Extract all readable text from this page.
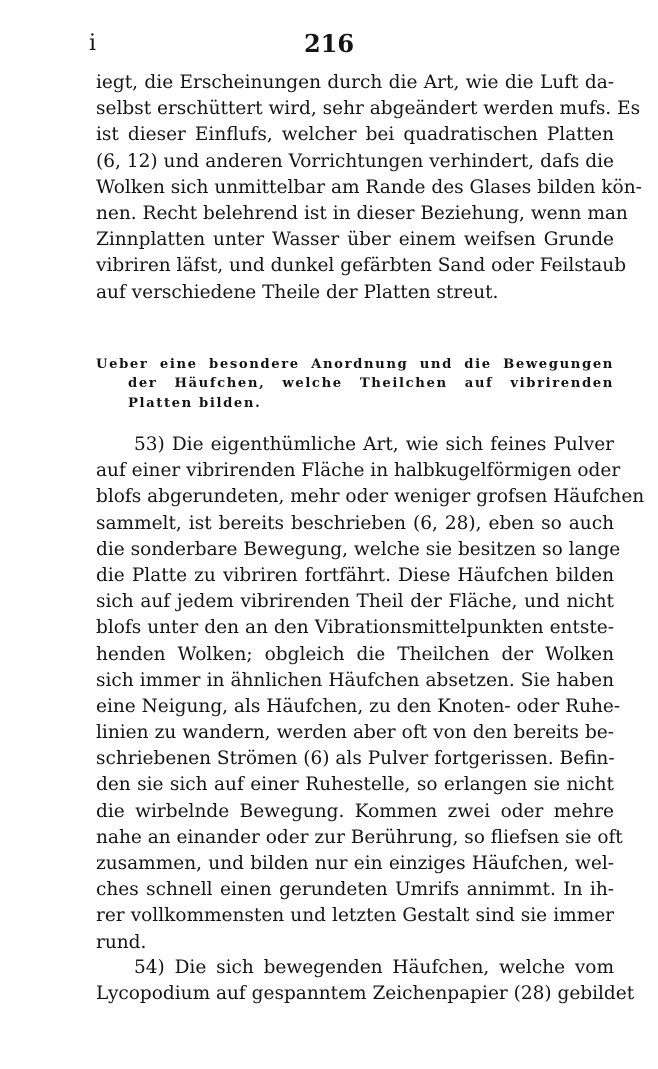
i	216
iegt, die Erscheinungen durch die Art, wie die Luft da-
selbst erschüttert wird, sehr abgeändert werden mufs. Es
ist dieser Einflufs, welcher bei quadratischen Platten
(6, 12) und anderen Vorrichtungen verhindert, dafs die
Wolken sich unmittelbar am Rande des Glases bilden kön-
nen. Recht belehrend ist in dieser Beziehung, wenn man
Zinnplatten unter Wasser über einem weifsen Grunde
vibriren läfst, und dunkel gefärbten Sand oder Feilstaub
auf verschiedene Theile der Platten streut.
Ueber eine besondere Anordnung und die Bewegungen
der Häufchen, welche Theilchen auf vibrirenden
Platten bilden.
53) Die eigenthümliche Art, wie sich feines Pulver
auf einer vibrirenden Fläche in halbkugelförmigen oder
blofs abgerundeten, mehr oder weniger grofsen Häufchen
sammelt, ist bereits beschrieben (6, 28), eben so auch
die sonderbare Bewegung, welche sie besitzen so lange
die Platte zu vibriren fortfährt. Diese Häufchen bilden
sich auf jedem vibrirenden Theil der Fläche, und nicht
blofs unter den an den Vibrationsmittelpunkten entste-
henden Wolken; obgleich die Theilchen der Wolken
sich immer in ähnlichen Häufchen absetzen. Sie haben
eine Neigung, als Häufchen, zu den Knoten- oder Ruhe-
linien zu wandern, werden aber oft von den bereits be-
schriebenen Strömen (6) als Pulver fortgerissen. Befin-
den sie sich auf einer Ruhestelle, so erlangen sie nicht
die wirbelnde Bewegung. Kommen zwei oder mehre
nahe an einander oder zur Berührung, so fliefsen sie oft
zusammen, und bilden nur ein einziges Häufchen, wel-
ches schnell einen gerundeten Umrifs annimmt. In ih-
rer vollkommensten und letzten Gestalt sind sie immer
rund.
54) Die sich bewegenden Häufchen, welche vom
Lycopodium auf gespanntem Zeichenpapier (28) gebildet
